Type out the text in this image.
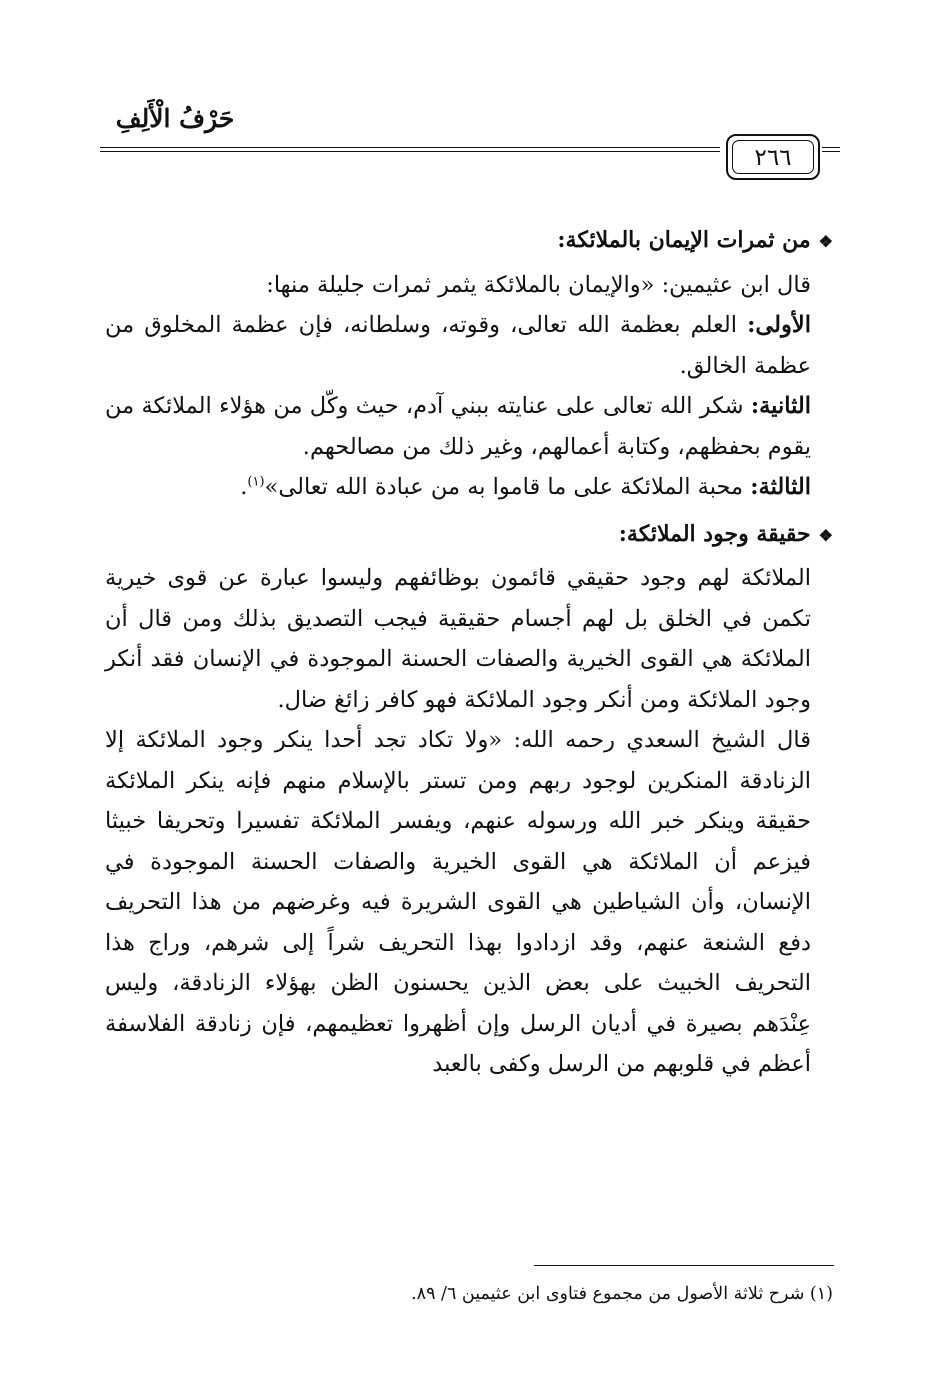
حَرْفُ الْأَلِفِ
٢٦٦

❖من ثمرات الإيمان بالملائكة:

قال ابن عثيمين: «والإيمان بالملائكة يثمر ثمرات جليلة منها:

الأولى: العلم بعظمة الله تعالى، وقوته، وسلطانه، فإن عظمة المخلوق من عظمة الخالق.

الثانية: شكر الله تعالى على عنايته ببني آدم، حيث وكّل من هؤلاء الملائكة من يقوم بحفظهم، وكتابة أعمالهم، وغير ذلك من مصالحهم.

الثالثة: محبة الملائكة على ما قاموا به من عبادة الله تعالى»$^{(١)}$.

❖حقيقة وجود الملائكة:

الملائكة لهم وجود حقيقي قائمون بوظائفهم وليسوا عبارة عن قوى خيرية تكمن في الخلق بل لهم أجسام حقيقية فيجب التصديق بذلك ومن قال أن الملائكة هي القوى الخيرية والصفات الحسنة الموجودة في الإنسان فقد أنكر وجود الملائكة ومن أنكر وجود الملائكة فهو كافر زائغ ضال.

قال الشيخ السعدي رحمه الله: «ولا تكاد تجد أحدا ينكر وجود الملائكة إلا الزنادقة المنكرين لوجود ربهم ومن تستر بالإسلام منهم فإنه ينكر الملائكة حقيقة وينكر خبر الله ورسوله عنهم، ويفسر الملائكة تفسيرا وتحريفا خبيثا فيزعم أن الملائكة هي القوى الخيرية والصفات الحسنة الموجودة في الإنسان، وأن الشياطين هي القوى الشريرة فيه وغرضهم من هذا التحريف دفع الشنعة عنهم، وقد ازدادوا بهذا التحريف شراً إلى شرهم، وراج هذا التحريف الخبيث على بعض الذين يحسنون الظن بهؤلاء الزنادقة، وليس عِنْدَهم بصيرة في أديان الرسل وإن أظهروا تعظيمهم، فإن زنادقة الفلاسفة أعظم في قلوبهم من الرسل وكفى بالعبد

(١) شرح ثلاثة الأصول من مجموع فتاوى ابن عثيمين ٦/ ٨٩.
